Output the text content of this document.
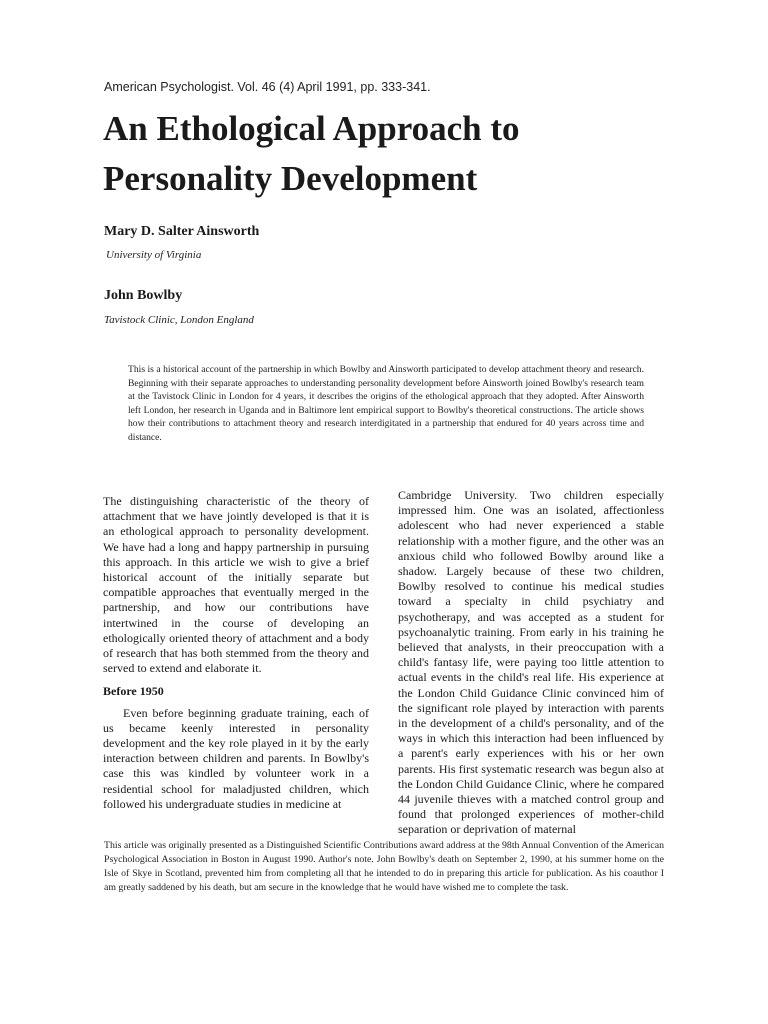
American Psychologist. Vol. 46 (4) April 1991, pp. 333-341.
An Ethological Approach to
Personality Development
Mary D. Salter Ainsworth
University of Virginia
John Bowlby
Tavistock Clinic, London England
This is a historical account of the partnership in which Bowlby and Ainsworth participated to develop attachment theory and research. Beginning with their separate approaches to understanding personality development before Ainsworth joined Bowlby's research team at the Tavistock Clinic in London for 4 years, it describes the origins of the ethological approach that they adopted. After Ainsworth left London, her research in Uganda and in Baltimore lent empirical support to Bowlby's theoretical constructions. The article shows how their contributions to attachment theory and research interdigitated in a partnership that endured for 40 years across time and distance.

The distinguishing characteristic of the theory of attachment that we have jointly developed is that it is an ethological approach to personality development. We have had a long and happy partnership in pursuing this approach. In this article we wish to give a brief historical account of the initially separate but compatible approaches that eventually merged in the partnership, and how our contributions have intertwined in the course of developing an ethologically oriented theory of attachment and a body of research that has both stemmed from the theory and served to extend and elaborate it.

Before 1950

Even before beginning graduate training, each of us became keenly interested in personality development and the key role played in it by the early interaction between children and parents. In Bowlby's case this was kindled by volunteer work in a residential school for maladjusted children, which followed his undergraduate studies in medicine at

Cambridge University. Two children especially impressed him. One was an isolated, affectionless adolescent who had never experienced a stable relationship with a mother figure, and the other was an anxious child who followed Bowlby around like a shadow. Largely because of these two children, Bowlby resolved to continue his medical studies toward a specialty in child psychiatry and psychotherapy, and was accepted as a student for psychoanalytic training. From early in his training he believed that analysts, in their preoccupation with a child's fantasy life, were paying too little attention to actual events in the child's real life. His experience at the London Child Guidance Clinic convinced him of the significant role played by interaction with parents in the development of a child's personality, and of the ways in which this interaction had been influenced by a parent's early experiences with his or her own parents. His first systematic research was begun also at the London Child Guidance Clinic, where he compared 44 juvenile thieves with a matched control group and found that prolonged experiences of mother-child separation or deprivation of maternal

This article was originally presented as a Distinguished Scientific Contributions award address at the 98th Annual Convention of the American Psychological Association in Boston in August 1990. Author's note. John Bowlby's death on September 2, 1990, at his summer home on the Isle of Skye in Scotland, prevented him from completing all that he intended to do in preparing this article for publication. As his coauthor I am greatly saddened by his death, but am secure in the knowledge that he would have wished me to complete the task.
